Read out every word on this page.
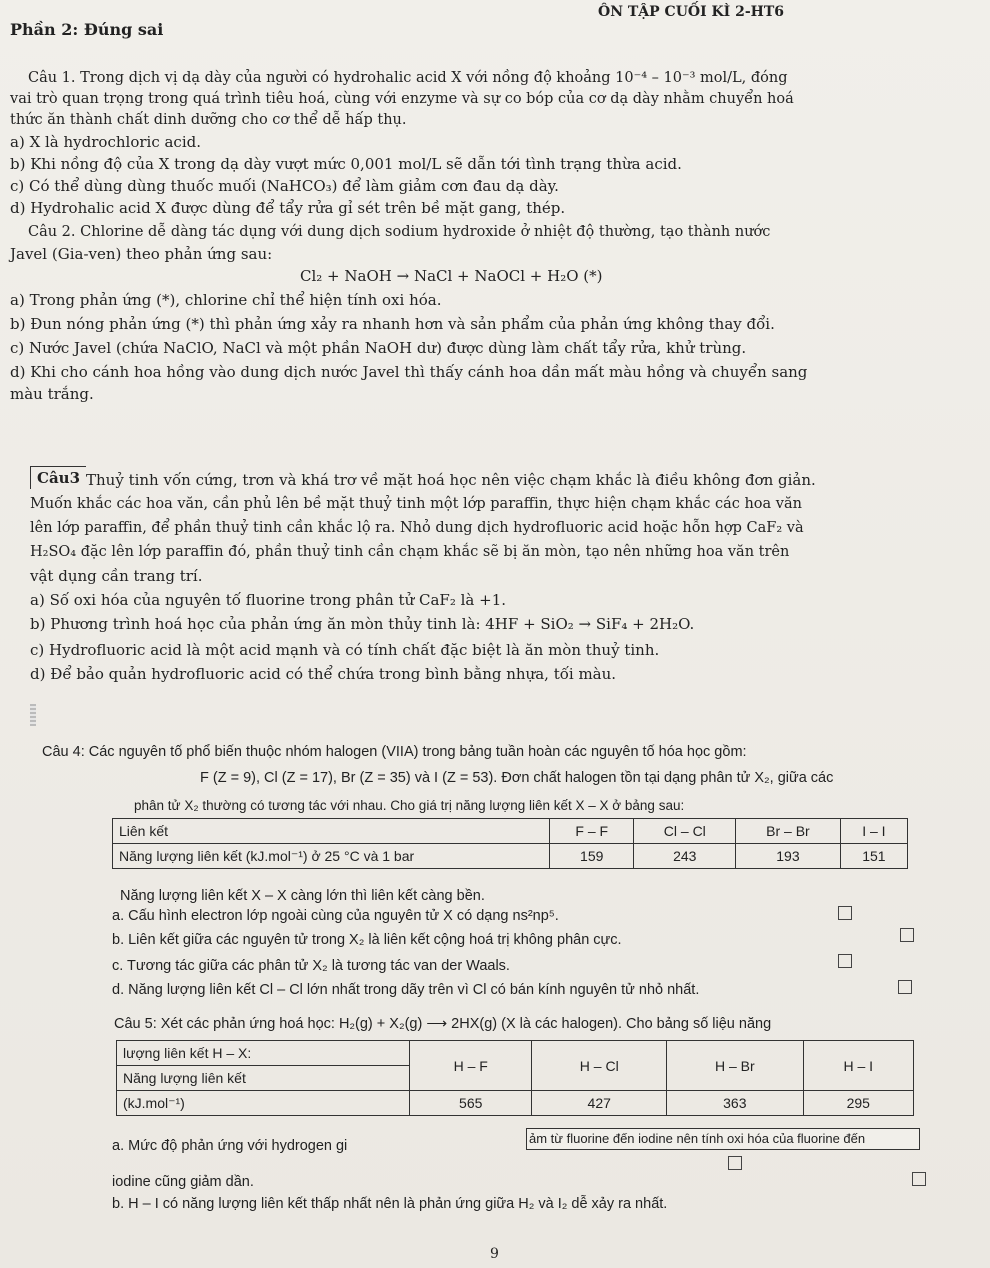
ÔN TẬP CUỐI KÌ 2-HT6
Phần 2: Đúng sai
Câu 1. Trong dịch vị dạ dày của người có hydrohalic acid X với nồng độ khoảng 10⁻⁴ – 10⁻³ mol/L, đóng
vai trò quan trọng trong quá trình tiêu hoá, cùng với enzyme và sự co bóp của cơ dạ dày nhằm chuyển hoá
thức ăn thành chất dinh dưỡng cho cơ thể dễ hấp thụ.
a) X là hydrochloric acid.
b) Khi nồng độ của X trong dạ dày vượt mức 0,001 mol/L sẽ dẫn tới tình trạng thừa acid.
c) Có thể dùng dùng thuốc muối (NaHCO₃) để làm giảm cơn đau dạ dày.
d) Hydrohalic acid X được dùng để tẩy rửa gỉ sét trên bề mặt gang, thép.
Câu 2. Chlorine dễ dàng tác dụng với dung dịch sodium hydroxide ở nhiệt độ thường, tạo thành nước
Javel (Gia-ven) theo phản ứng sau:
Cl₂ + NaOH → NaCl + NaOCl + H₂O (*)
a) Trong phản ứng (*), chlorine chỉ thể hiện tính oxi hóa.
b) Đun nóng phản ứng (*) thì phản ứng xảy ra nhanh hơn và sản phẩm của phản ứng không thay đổi.
c) Nước Javel (chứa NaClO, NaCl và một phần NaOH dư) được dùng làm chất tẩy rửa, khử trùng.
d) Khi cho cánh hoa hồng vào dung dịch nước Javel thì thấy cánh hoa dần mất màu hồng và chuyển sang
màu trắng.
Câu3 Thuỷ tinh vốn cứng, trơn và khá trơ về mặt hoá học nên việc chạm khắc là điều không đơn giản.
Muốn khắc các hoa văn, cần phủ lên bề mặt thuỷ tinh một lớp paraffin, thực hiện chạm khắc các hoa văn
lên lớp paraffin, để phần thuỷ tinh cần khắc lộ ra. Nhỏ dung dịch hydrofluoric acid hoặc hỗn hợp CaF₂ và
H₂SO₄ đặc lên lớp paraffin đó, phần thuỷ tinh cần chạm khắc sẽ bị ăn mòn, tạo nên những hoa văn trên
vật dụng cần trang trí.
a) Số oxi hóa của nguyên tố fluorine trong phân tử CaF₂ là +1.
b) Phương trình hoá học của phản ứng ăn mòn thủy tinh là: 4HF + SiO₂ → SiF₄ + 2H₂O.
c) Hydrofluoric acid là một acid mạnh và có tính chất đặc biệt là ăn mòn thuỷ tinh.
d) Để bảo quản hydrofluoric acid có thể chứa trong bình bằng nhựa, tối màu.
Câu 4: Các nguyên tố phổ biến thuộc nhóm halogen (VIIA) trong bảng tuần hoàn các nguyên tố hóa học gồm:
F (Z = 9), Cl (Z = 17), Br (Z = 35) và I (Z = 53). Đơn chất halogen tồn tại dạng phân tử X₂, giữa các
phân tử X₂ thường có tương tác với nhau. Cho giá trị năng lượng liên kết X – X ở bảng sau:
Liên kết	F – F	Cl – Cl	Br – Br	I – I
Năng lượng liên kết (kJ.mol⁻¹) ở 25 °C và 1 bar	159	243	193	151
Năng lượng liên kết X – X càng lớn thì liên kết càng bền.
a. Cấu hình electron lớp ngoài cùng của nguyên tử X có dạng ns²np⁵.
b. Liên kết giữa các nguyên tử trong X₂ là liên kết cộng hoá trị không phân cực.
c. Tương tác giữa các phân tử X₂ là tương tác van der Waals.
d. Năng lượng liên kết Cl – Cl lớn nhất trong dãy trên vì Cl có bán kính nguyên tử nhỏ nhất.
Câu 5: Xét các phản ứng hoá học: H₂(g) + X₂(g) ⟶ 2HX(g) (X là các halogen). Cho bảng số liệu năng
lượng liên kết H – X:	H – F	H – Cl	H – Br	H – I
Năng lượng liên kết				
(kJ.mol⁻¹)	565	427	363	295
ảm từ fluorine đến iodine nên tính oxi hóa của fluorine đến
a. Mức độ phản ứng với hydrogen gi
iodine cũng giảm dần.
b. H – I có năng lượng liên kết thấp nhất nên là phản ứng giữa H₂ và I₂ dễ xảy ra nhất.
9
